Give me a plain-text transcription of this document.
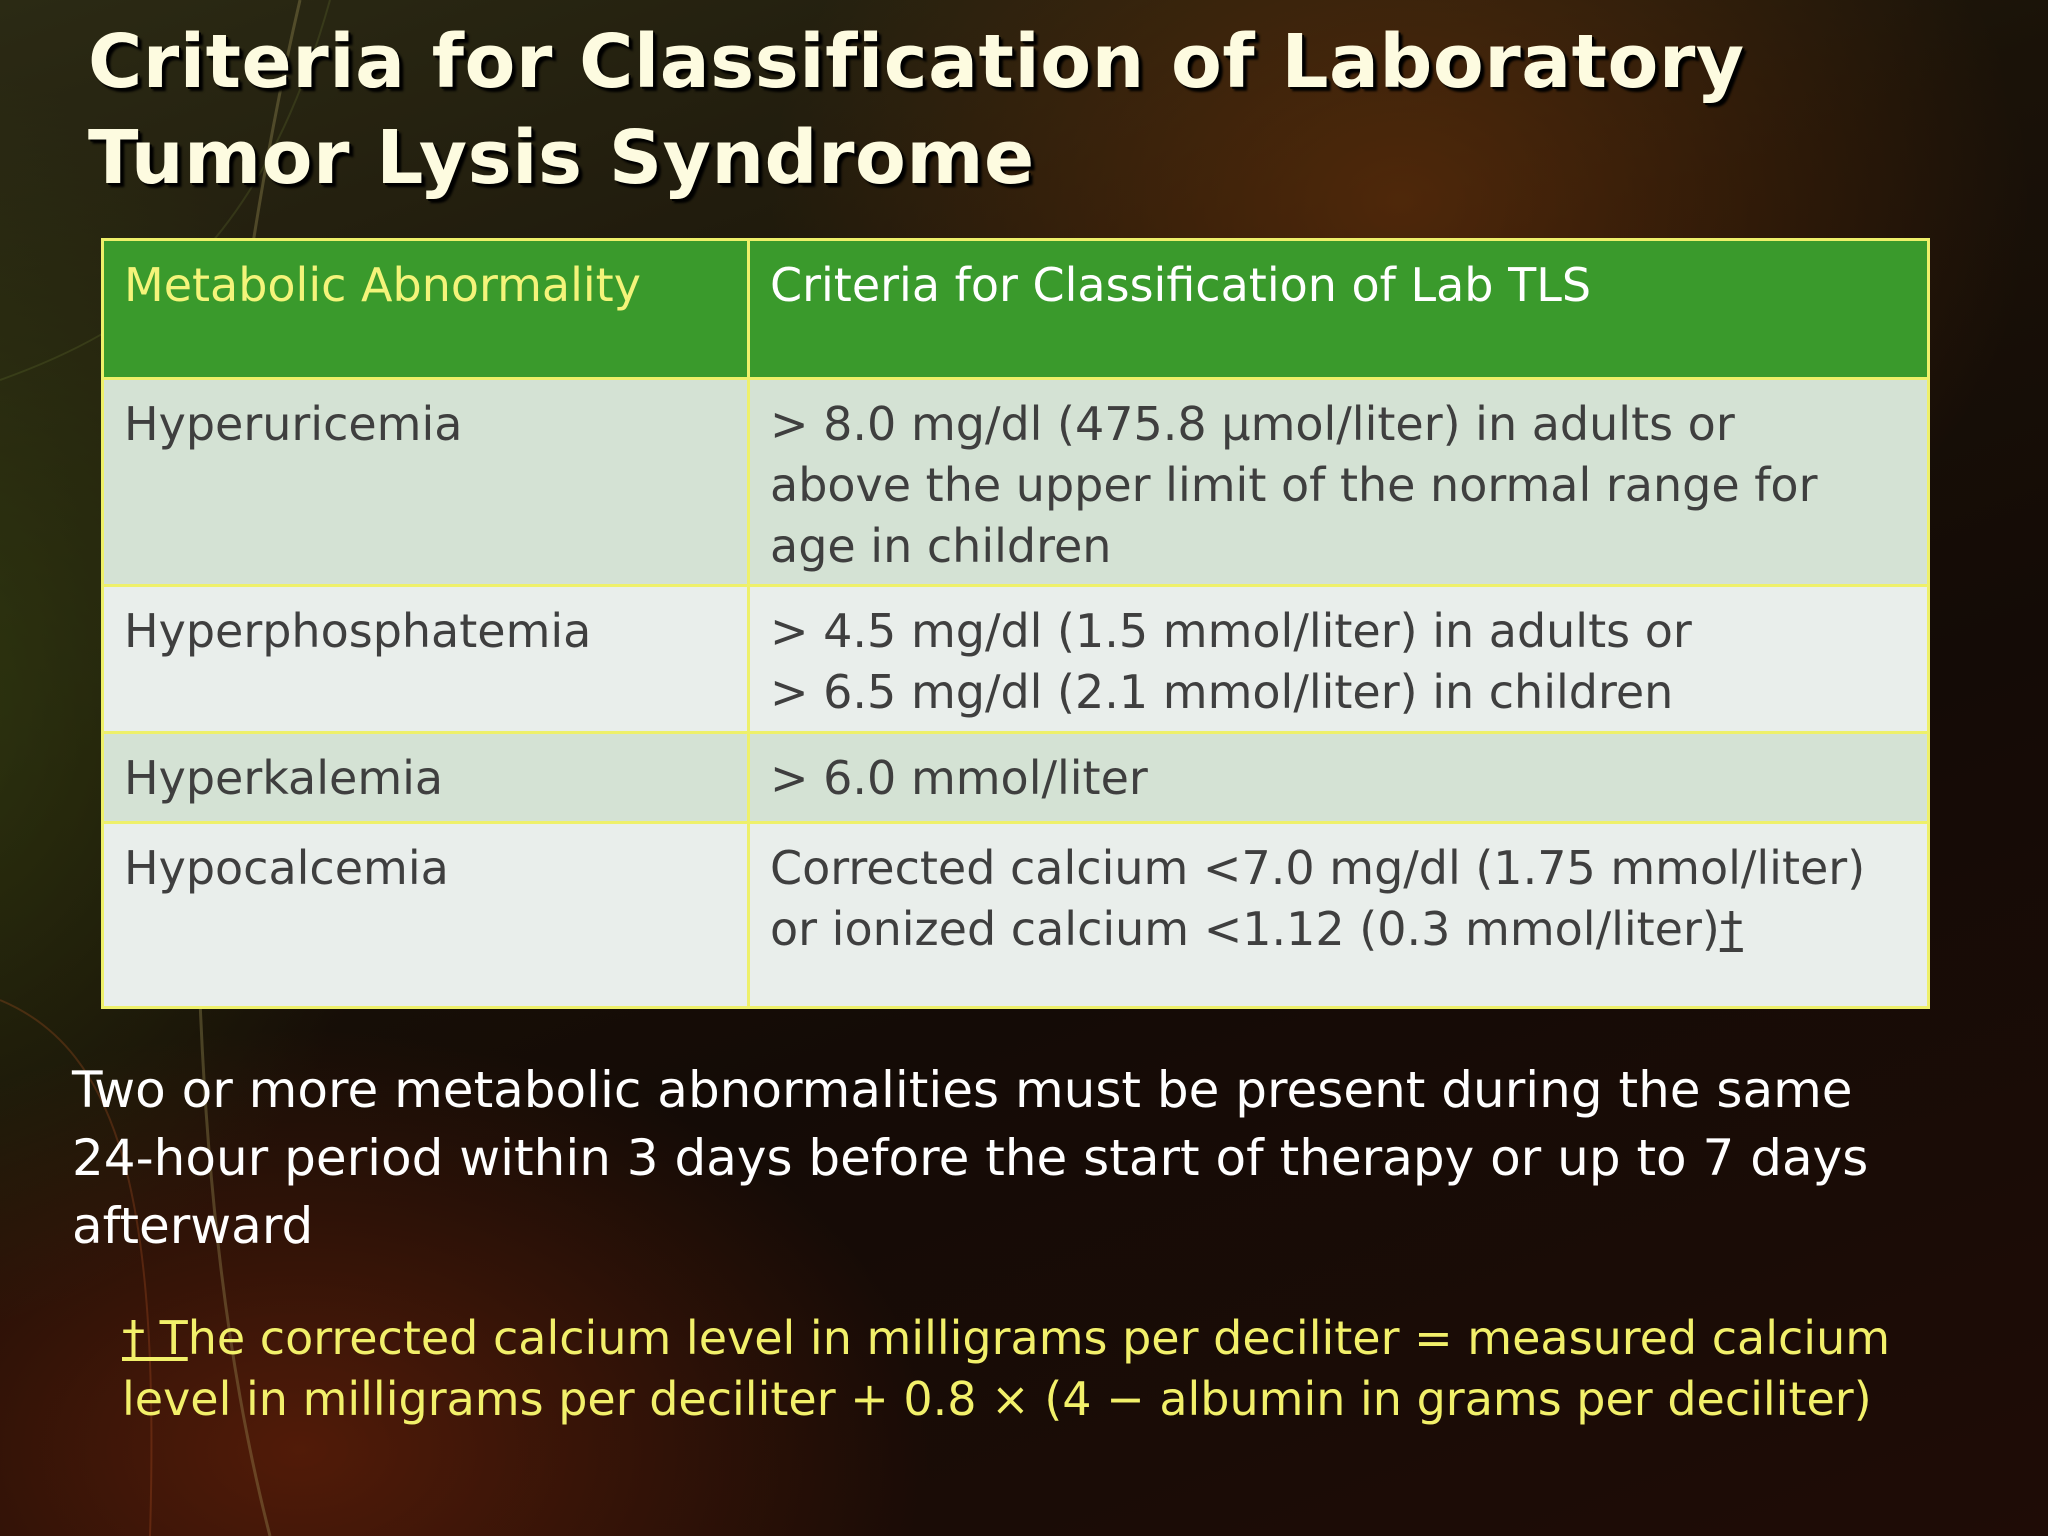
Criteria for Classification of Laboratory
Tumor Lysis Syndrome
Metabolic Abnormality	Criteria for Classification of Lab TLS
Hyperuricemia	> 8.0 mg/dl (475.8 μmol/liter) in adults or
above the upper limit of the normal range for
age in children

Hyperphosphatemia	> 4.5 mg/dl (1.5 mmol/liter) in adults or
> 6.5 mg/dl (2.1 mmol/liter) in children

Hyperkalemia	> 6.0 mmol/liter

Hypocalcemia	Corrected calcium <7.0 mg/dl (1.75 mmol/liter)
or ionized calcium <1.12 (0.3 mmol/liter)†

Two or more metabolic abnormalities must be present during the same
24-hour period within 3 days before the start of therapy or up to 7 days
afterward

† The corrected calcium level in milligrams per deciliter = measured calcium
level in milligrams per deciliter + 0.8 × (4 − albumin in grams per deciliter)
